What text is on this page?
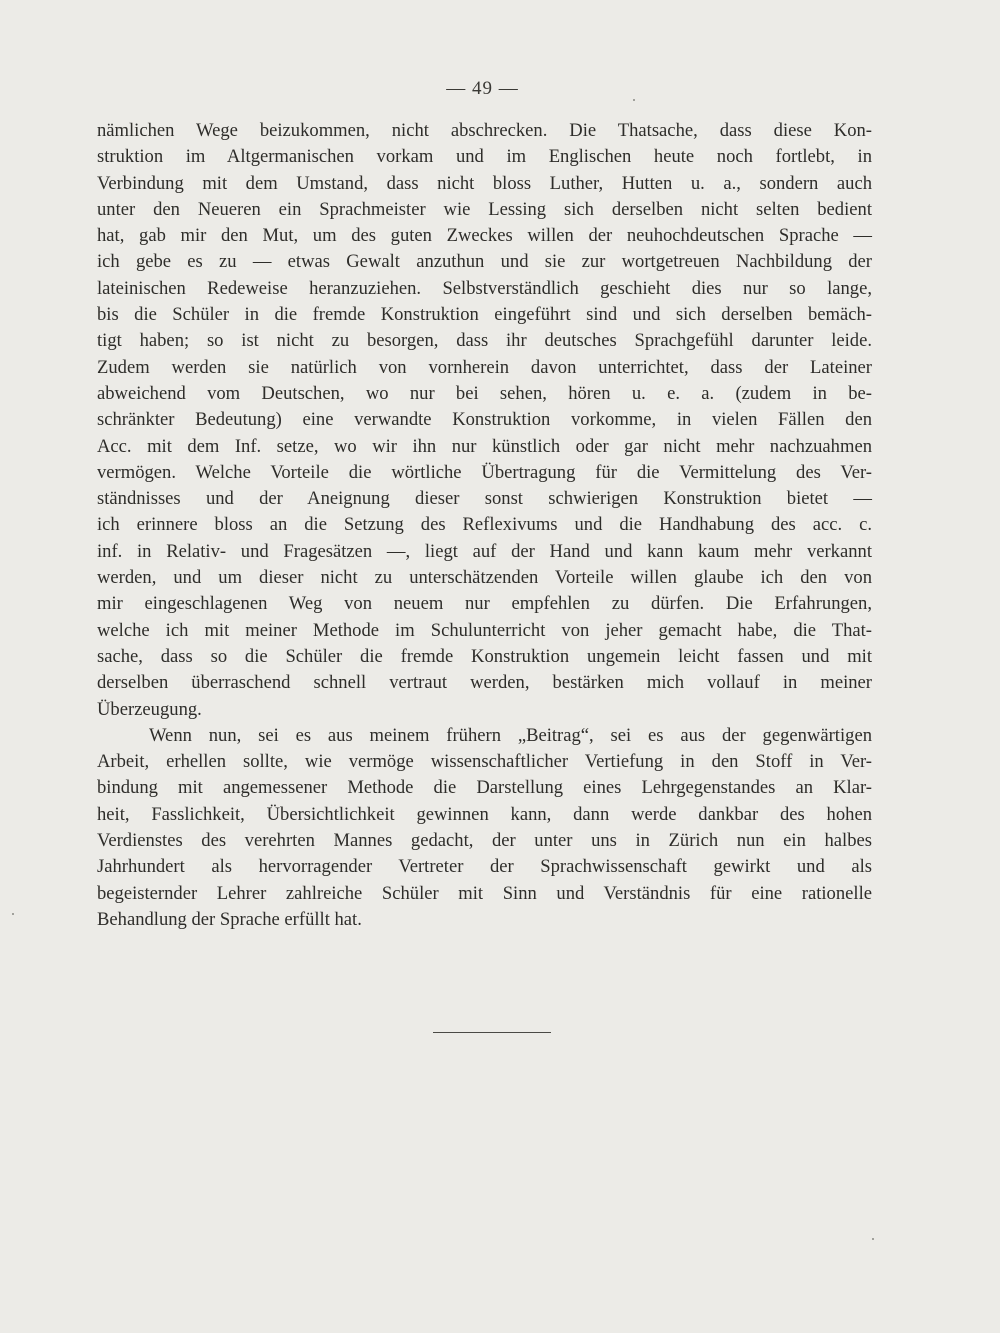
— 49 —
nämlichen Wege beizukommen, nicht abschrecken. Die Thatsache, dass diese Kon-
struktion im Altgermanischen vorkam und im Englischen heute noch fortlebt, in
Verbindung mit dem Umstand, dass nicht bloss Luther, Hutten u. a., sondern auch
unter den Neueren ein Sprachmeister wie Lessing sich derselben nicht selten bedient
hat, gab mir den Mut, um des guten Zweckes willen der neuhochdeutschen Sprache —
ich gebe es zu — etwas Gewalt anzuthun und sie zur wortgetreuen Nachbildung der
lateinischen Redeweise heranzuziehen. Selbstverständlich geschieht dies nur so lange,
bis die Schüler in die fremde Konstruktion eingeführt sind und sich derselben bemäch-
tigt haben; so ist nicht zu besorgen, dass ihr deutsches Sprachgefühl darunter leide.
Zudem werden sie natürlich von vornherein davon unterrichtet, dass der Lateiner
abweichend vom Deutschen, wo nur bei sehen, hören u. e. a. (zudem in be-
schränkter Bedeutung) eine verwandte Konstruktion vorkomme, in vielen Fällen den
Acc. mit dem Inf. setze, wo wir ihn nur künstlich oder gar nicht mehr nachzuahmen
vermögen. Welche Vorteile die wörtliche Übertragung für die Vermittelung des Ver-
ständnisses und der Aneignung dieser sonst schwierigen Konstruktion bietet —
ich erinnere bloss an die Setzung des Reflexivums und die Handhabung des acc. c.
inf. in Relativ- und Fragesätzen —, liegt auf der Hand und kann kaum mehr verkannt
werden, und um dieser nicht zu unterschätzenden Vorteile willen glaube ich den von
mir eingeschlagenen Weg von neuem nur empfehlen zu dürfen. Die Erfahrungen,
welche ich mit meiner Methode im Schulunterricht von jeher gemacht habe, die That-
sache, dass so die Schüler die fremde Konstruktion ungemein leicht fassen und mit
derselben überraschend schnell vertraut werden, bestärken mich vollauf in meiner
Überzeugung.
Wenn nun, sei es aus meinem frühern „Beitrag“, sei es aus der gegenwärtigen
Arbeit, erhellen sollte, wie vermöge wissenschaftlicher Vertiefung in den Stoff in Ver-
bindung mit angemessener Methode die Darstellung eines Lehrgegenstandes an Klar-
heit, Fasslichkeit, Übersichtlichkeit gewinnen kann, dann werde dankbar des hohen
Verdienstes des verehrten Mannes gedacht, der unter uns in Zürich nun ein halbes
Jahrhundert als hervorragender Vertreter der Sprachwissenschaft gewirkt und als
begeisternder Lehrer zahlreiche Schüler mit Sinn und Verständnis für eine rationelle
Behandlung der Sprache erfüllt hat.
